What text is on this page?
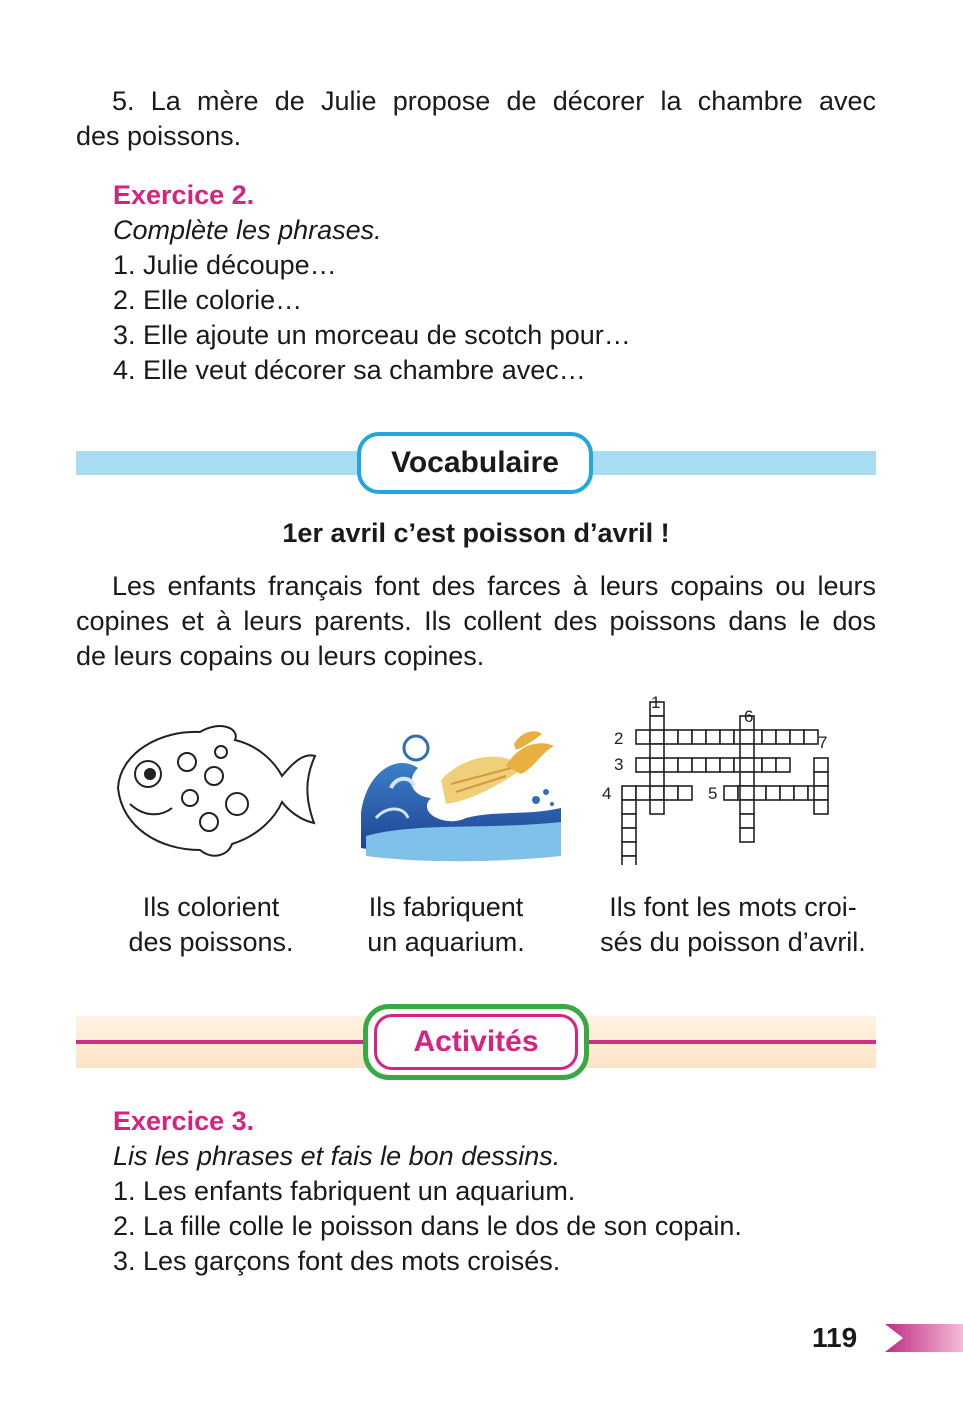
5. La mère de Julie propose de décorer la chambre avec
des poissons.
Exercice 2.
Complète les phrases.
1. Julie découpe…
2. Elle colorie…
3. Elle ajoute un morceau de scotch pour…
4. Elle veut décorer sa chambre avec…
Vocabulaire
1er avril c’est poisson d’avril !
Les enfants français font des farces à leurs copains ou leurs
copines et à leurs parents. Ils collent des poissons dans le dos
de leurs copains ou leurs copines.
1
6
2	7
3
4	5
Ils colorient
des poissons.
Ils fabriquent
un aquarium.
Ils font les mots croi-
sés du poisson d’avril.
Activités
Exercice 3.
Lis les phrases et fais le bon dessins.
1. Les enfants fabriquent un aquarium.
2. La fille colle le poisson dans le dos de son copain.
3. Les garçons font des mots croisés.
119
